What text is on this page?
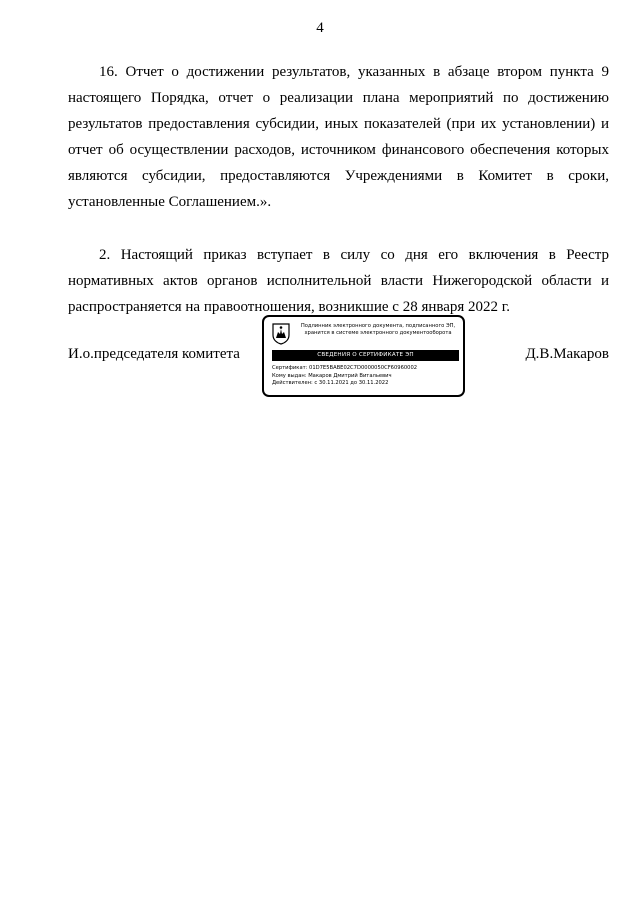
4

16. Отчет о достижении результатов, указанных в абзаце втором пункта 9 настоящего Порядка, отчет о реализации плана мероприятий по достижению результатов предоставления субсидии, иных показателей (при их установлении) и отчет об осуществлении расходов, источником финансового обеспечения которых являются субсидии, предоставляются Учреждениями в Комитет в сроки, установленные Соглашением.».

2. Настоящий приказ вступает в силу со дня его включения в Реестр нормативных актов органов исполнительной власти Нижегородской области и распространяется на правоотношения, возникшие с 28 января 2022 г.

И.о.председателя комитета
Подлинник электронного документа, подписанного ЭП, хранится в системе электронного документооборота
СВЕДЕНИЯ О СЕРТИФИКАТЕ ЭП
Сертификат: 01D7E5BABE02C7D0000050CF60960002
Кому выдан: Макаров Дмитрий Витальевич
Действителен: с 30.11.2021 до 30.11.2022
Д.В.Макаров
